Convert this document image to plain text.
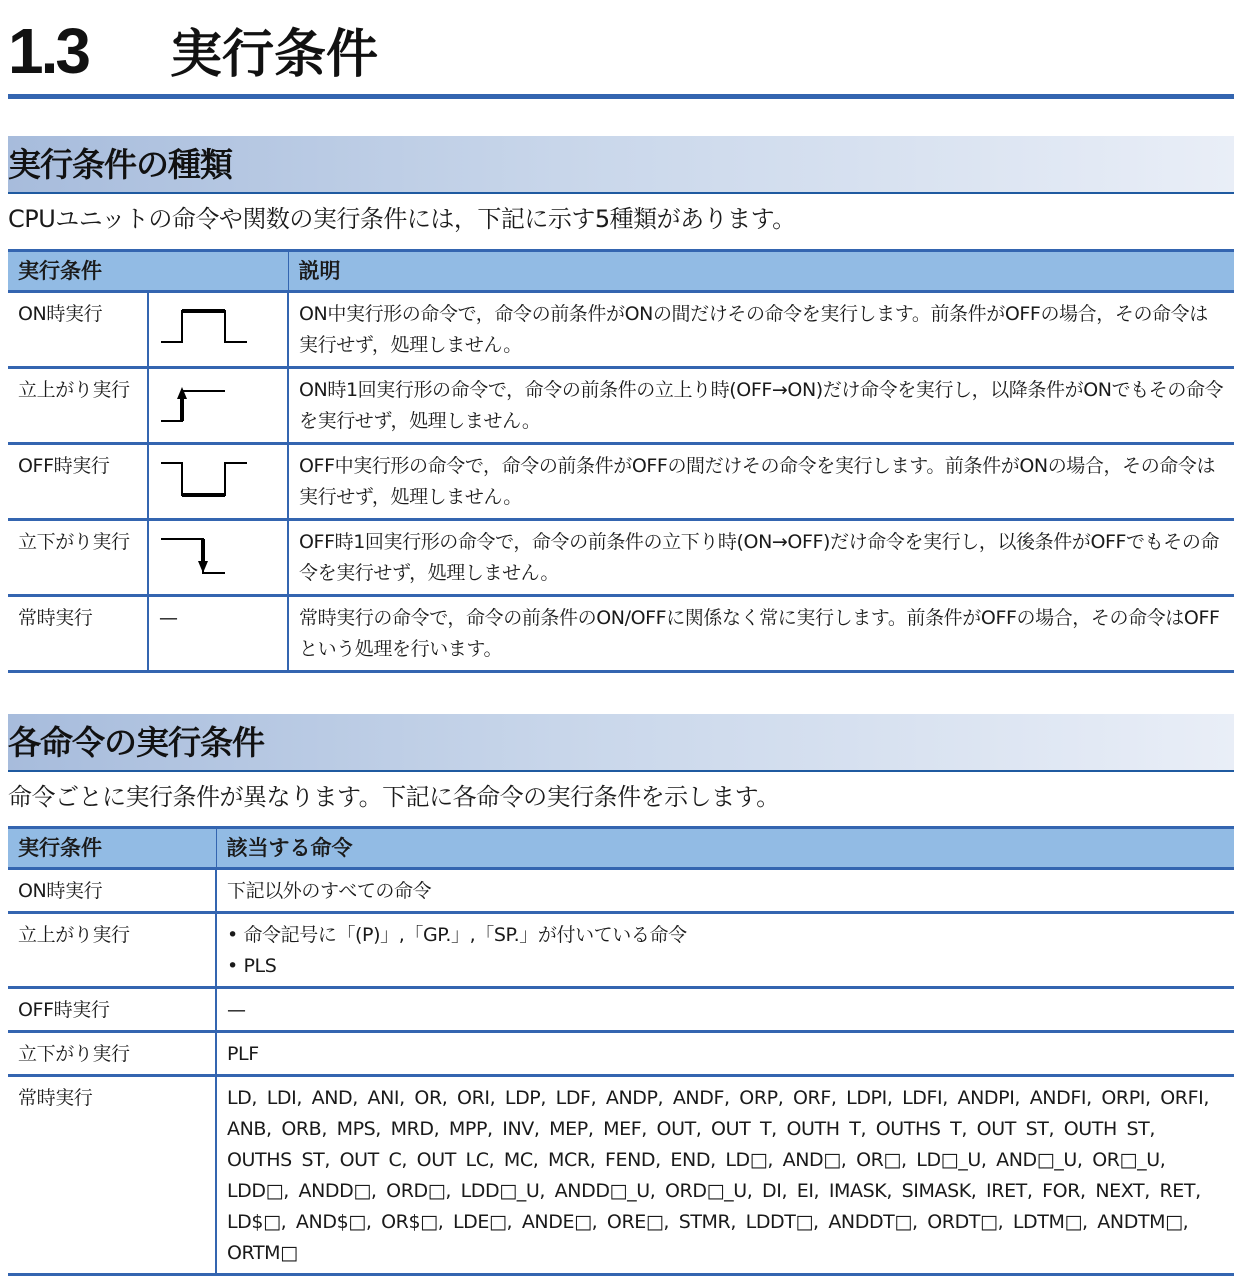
1.3 実行条件
実行条件の種類
CPUユニットの命令や関数の実行条件には，下記に示す5種類があります。
実行条件		説明
ON時実行		ON中実行形の命令で，命令の前条件がONの間だけその命令を実行します。前条件がOFFの場合，その命令は実行せず，処理しません。
立上がり実行		ON時1回実行形の命令で，命令の前条件の立上り時(OFF→ON)だけ命令を実行し，以降条件がONでもその命令を実行せず，処理しません。
OFF時実行		OFF中実行形の命令で，命令の前条件がOFFの間だけその命令を実行します。前条件がONの場合，その命令は実行せず，処理しません。
立下がり実行		OFF時1回実行形の命令で，命令の前条件の立下り時(ON→OFF)だけ命令を実行し，以後条件がOFFでもその命令を実行せず，処理しません。
常時実行	—	常時実行の命令で，命令の前条件のON/OFFに関係なく常に実行します。前条件がOFFの場合，その命令はOFFという処理を行います。
各命令の実行条件
命令ごとに実行条件が異なります。下記に各命令の実行条件を示します。
実行条件	該当する命令
ON時実行	下記以外のすべての命令
立上がり実行	• 命令記号に「(P)」,「GP.」,「SP.」が付いている命令
• PLS

OFF時実行	—
立下がり実行	PLF
常時実行	LD, LDI, AND, ANI, OR, ORI, LDP, LDF, ANDP, ANDF, ORP, ORF, LDPI, LDFI, ANDPI, ANDFI, ORPI, ORFI, ANB, ORB, MPS, MRD, MPP, INV, MEP, MEF, OUT, OUT T, OUTH T, OUTHS T, OUT ST, OUTH ST, OUTHS ST, OUT C, OUT LC, MC, MCR, FEND, END, LD□, AND□, OR□, LD□_U, AND□_U, OR□_U, LDD□, ANDD□, ORD□, LDD□_U, ANDD□_U, ORD□_U, DI, EI, IMASK, SIMASK, IRET, FOR, NEXT, RET, LD$□, AND$□, OR$□, LDE□, ANDE□, ORE□, STMR, LDDT□, ANDDT□, ORDT□, LDTM□, ANDTM□, ORTM□
